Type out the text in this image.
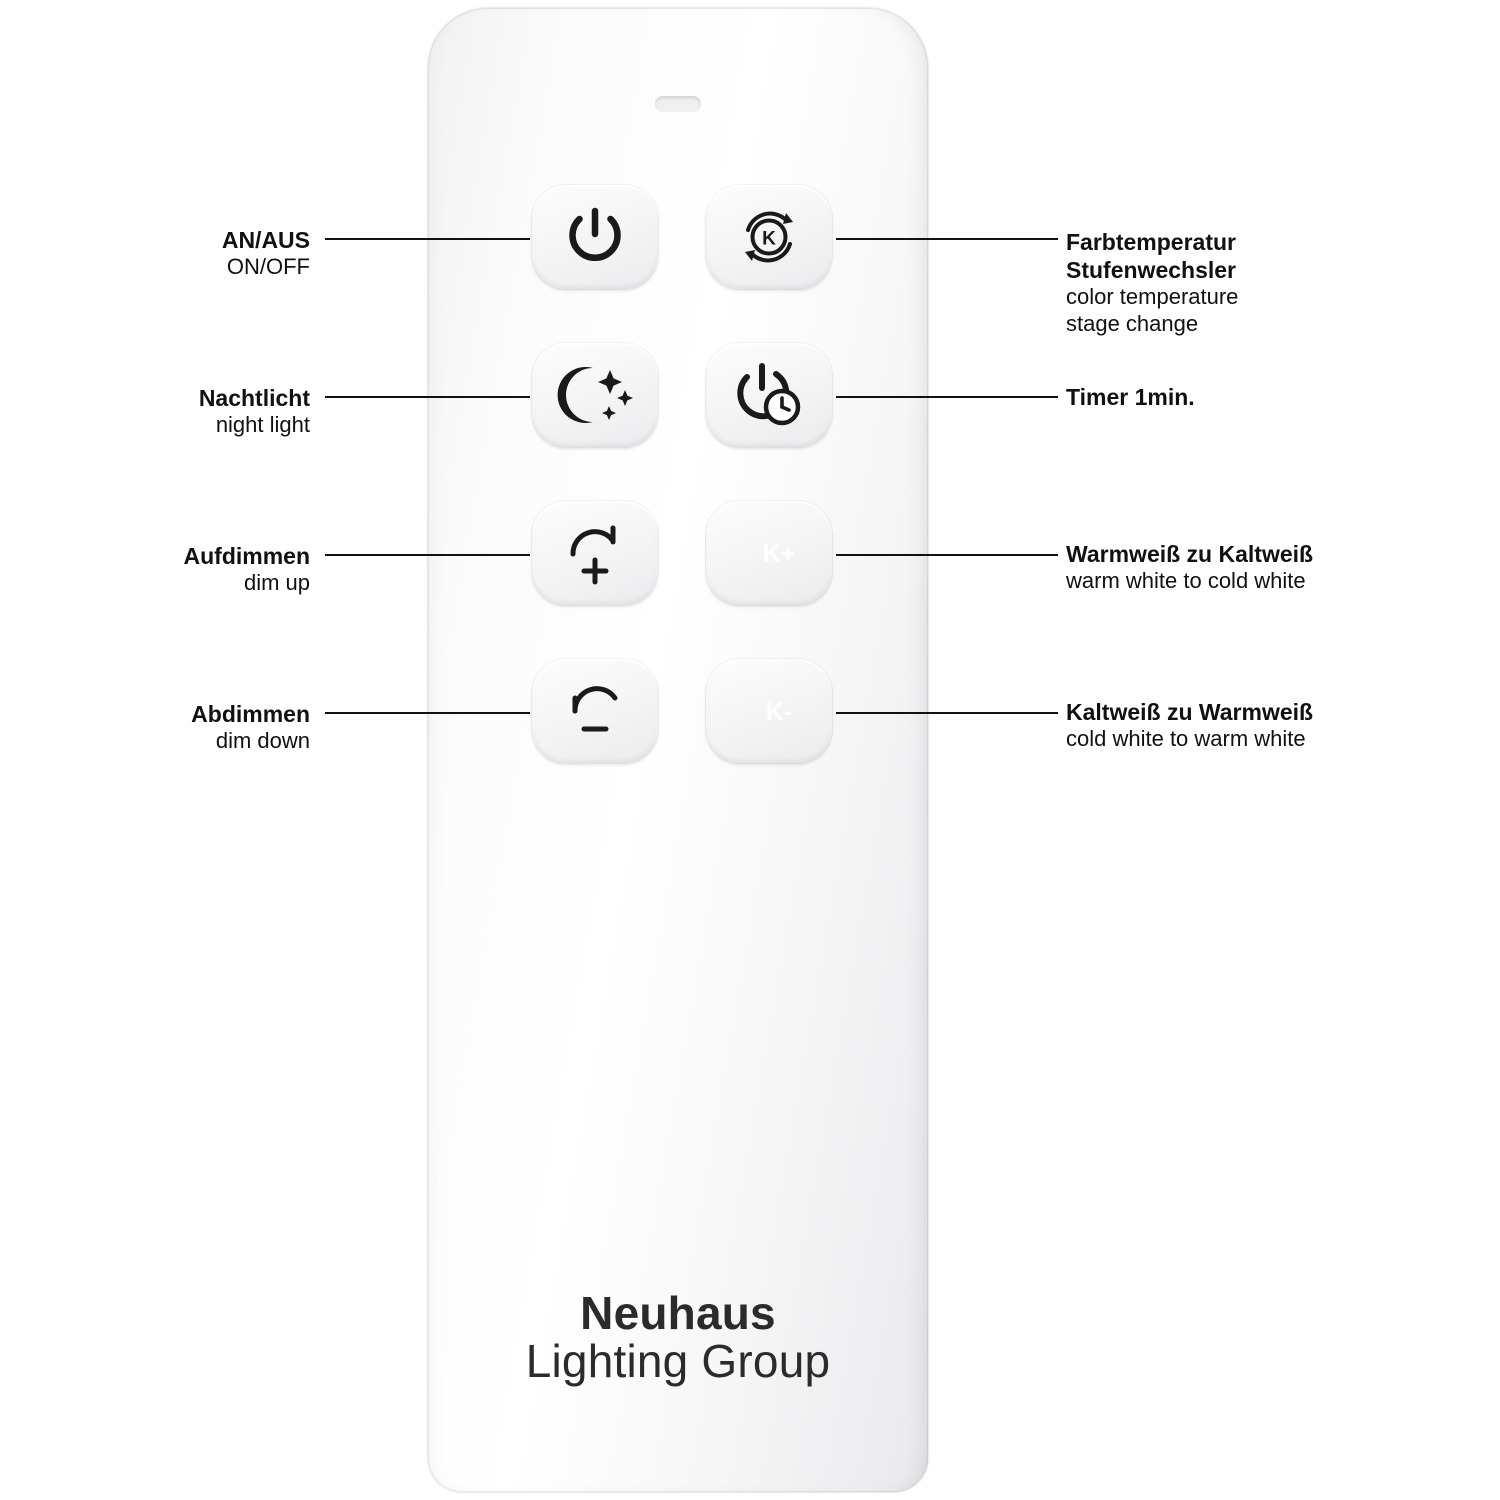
Neuhaus
Lighting Group
K
K+
K-
AN/AUS
ON/OFF
Nachtlicht
night light
Aufdimmen
dim up
Abdimmen
dim down
Farbtemperatur
Stufenwechsler
color temperature
stage change
Timer 1min.
Warmweiß zu Kaltweiß
warm white to cold white
Kaltweiß zu Warmweiß
cold white to warm white
